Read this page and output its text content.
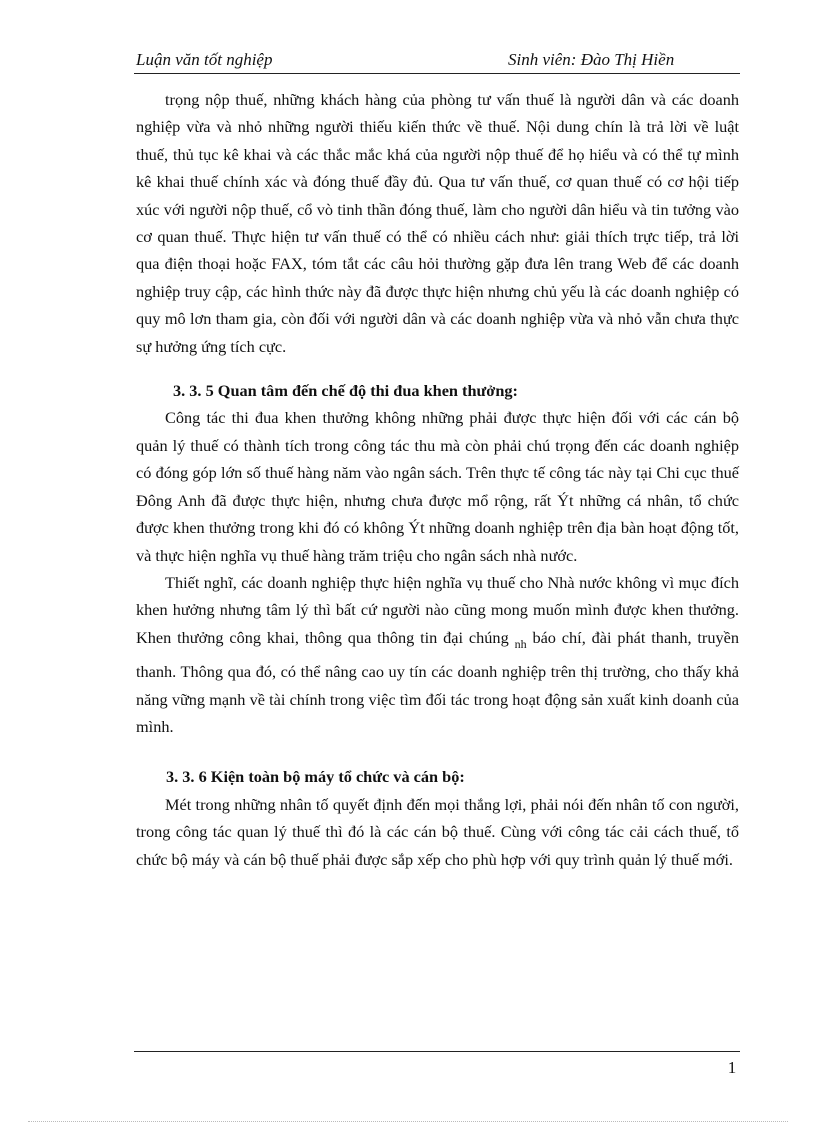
Luận văn tốt nghiệp	Sinh viên: Đào Thị Hiền

trọng nộp thuế, những khách hàng của phòng tư vấn thuế là người dân và các doanh nghiệp vừa và nhỏ những người thiếu kiến thức về thuế. Nội dung chín là trả lời về luật thuế, thủ tục kê khai và các thắc mắc khá của người nộp thuế để họ hiểu và có thể tự mình kê khai thuế chính xác và đóng thuế đầy đủ. Qua tư vấn thuế, cơ quan thuế có cơ hội tiếp xúc với người nộp thuế, cổ vò tinh thần đóng thuế, làm cho người dân hiểu và tin tưởng vào cơ quan thuế. Thực hiện tư vấn thuế có thể có nhiều cách như: giải thích trực tiếp, trả lời qua điện thoại hoặc FAX, tóm tắt các câu hỏi thường gặp đưa lên trang Web để các doanh nghiệp truy cập, các hình thức này đã được thực hiện nhưng chủ yếu là các doanh nghiệp có quy mô lơn tham gia, còn đối với người dân và các doanh nghiệp vừa và nhỏ vẫn chưa thực sự hưởng ứng tích cực.

3. 3. 5 Quan tâm đến chế độ thi đua khen thưởng:

Công tác thi đua khen thưởng không những phải được thực hiện đối với các cán bộ quản lý thuế có thành tích trong công tác thu mà còn phải chú trọng đến các doanh nghiệp có đóng góp lớn số thuế hàng năm vào ngân sách. Trên thực tế công tác này tại Chi cục thuế Đông Anh đã được thực hiện, nhưng chưa được mổ rộng, rất Ýt những cá nhân, tổ chức được khen thưởng trong khi đó có không Ýt những doanh nghiệp trên địa bàn hoạt động tốt, và thực hiện nghĩa vụ thuế hàng trăm triệu cho ngân sách nhà nước.

Thiết nghĩ, các doanh nghiệp thực hiện nghĩa vụ thuế cho Nhà nước không vì mục đích khen hưởng nhưng tâm lý thì bất cứ người nào cũng mong muốn mình được khen thưởng. Khen thưởng công khai, thông qua thông tin đại chúng $_{nh}$ báo chí, đài phát thanh, truyền thanh. Thông qua đó, có thể nâng cao uy tín các doanh nghiệp trên thị trường, cho thấy khả năng vững mạnh về tài chính trong việc tìm đối tác trong hoạt động sản xuất kinh doanh của mình.

3. 3. 6 Kiện toàn bộ máy tổ chức và cán bộ:

Mét trong những nhân tố quyết định đến mọi thắng lợi, phải nói đến nhân tố con người, trong công tác quan lý thuế thì đó là các cán bộ thuế. Cùng với công tác cải cách thuế, tổ chức bộ máy và cán bộ thuế phải được sắp xếp cho phù hợp với quy trình quản lý thuế mới.

1
